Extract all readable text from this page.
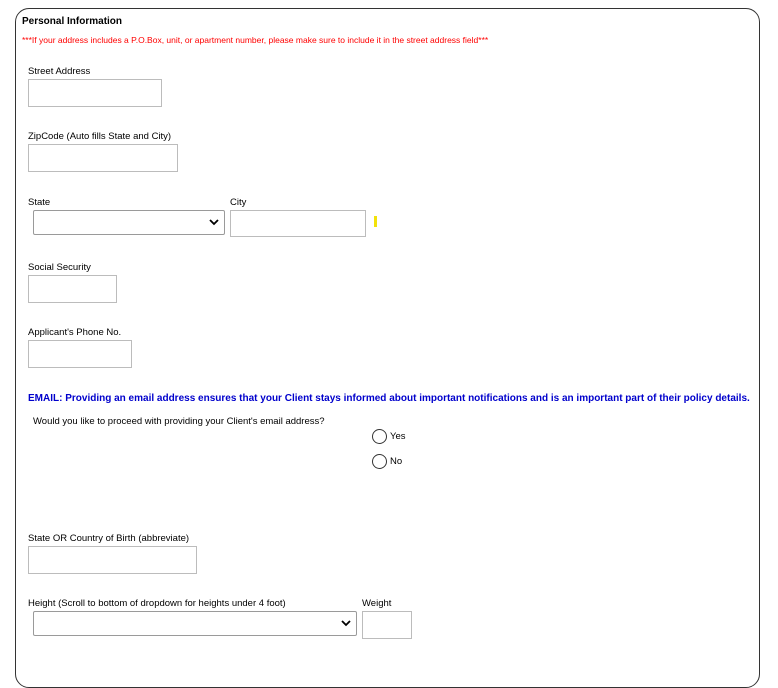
Personal Information
***If your address includes a P.O.Box, unit, or apartment number, please make sure to include it in the street address field***
Street Address
ZipCode (Auto fills State and City)
State	City
Social Security
Applicant's Phone No.
EMAIL: Providing an email address ensures that your Client stays informed about important notifications and is an important part of their policy details.
Would you like to proceed with providing your Client's email address?
Yes
No
State OR Country of Birth (abbreviate)
Height (Scroll to bottom of dropdown for heights under 4 foot)	Weight
